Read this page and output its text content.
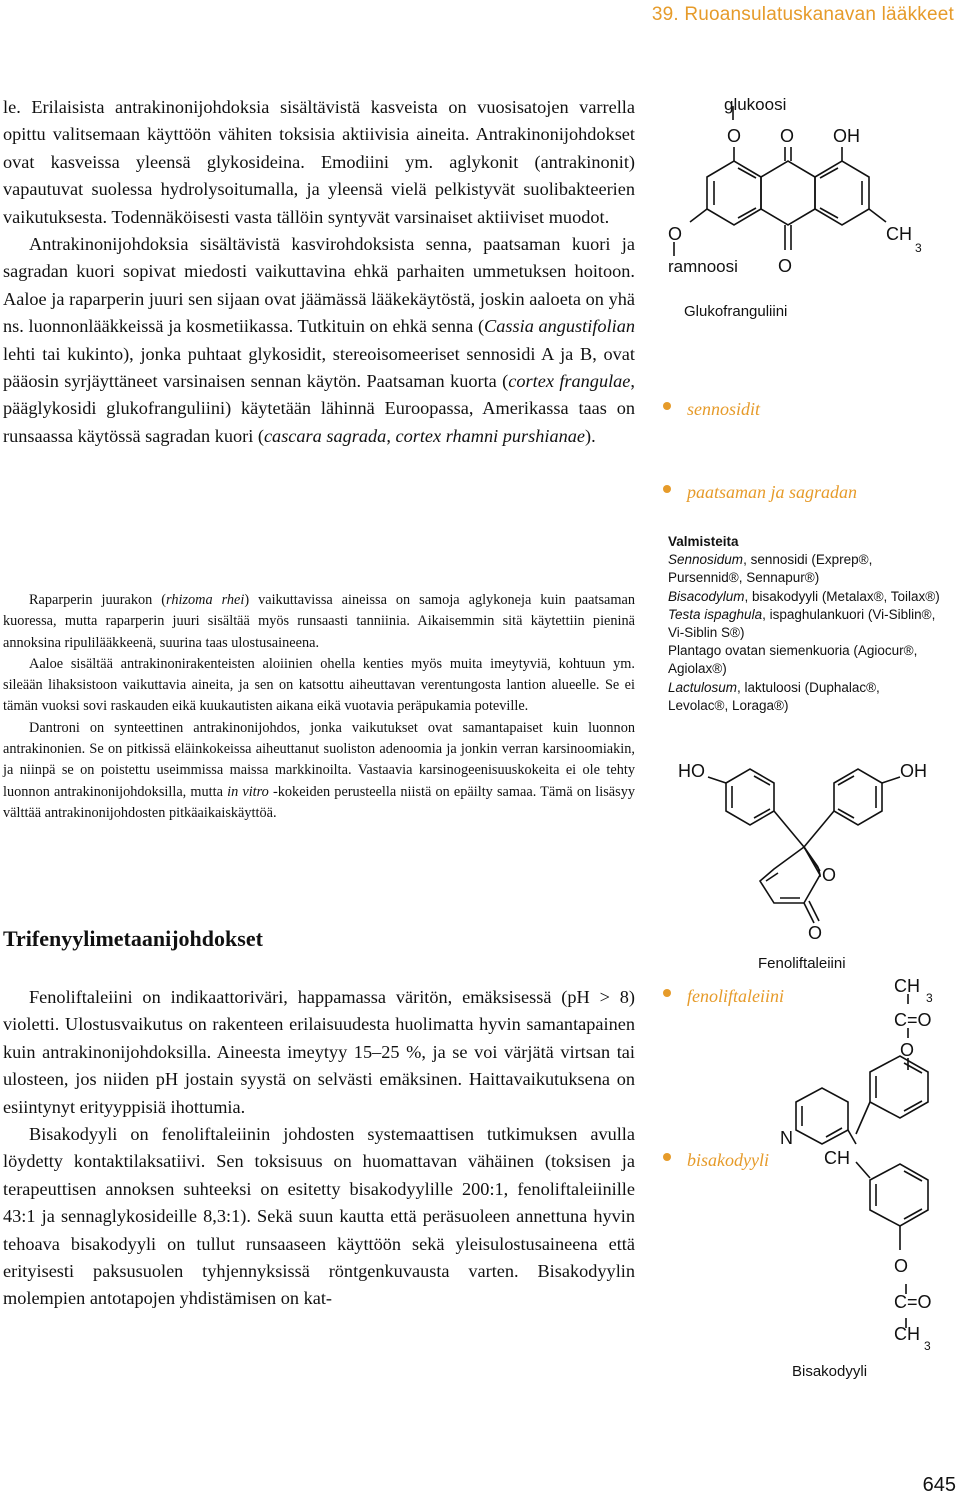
39. Ruoansulatuskanavan lääkkeet

le. Erilaisista antrakinonijohdoksia sisältävistä kasveista on vuosisatojen varrella opittu valitsemaan käyttöön vähiten toksisia aktiivisia aineita. Antrakinonijohdokset ovat kasveissa yleensä glykosideina. Emodiini ym. aglykonit (antrakinonit) vapautuvat suolessa hydrolysoitumalla, ja yleensä vielä pelkistyvät suolibakteerien vaikutuksesta. Todennäköisesti vasta tällöin syntyvät varsinaiset aktiiviset muodot.

Antrakinonijohdoksia sisältävistä kasvirohdoksista senna, paatsaman kuori ja sagradan kuori sopivat miedosti vaikuttavina ehkä parhaiten ummetuksen hoitoon. Aaloe ja raparperin juuri sen sijaan ovat jäämässä lääkekäytöstä, joskin aaloeta on yhä ns. luonnonlääkkeissä ja kosmetiikassa. Tutkituin on ehkä senna (Cassia angustifolian lehti tai kukinto), jonka puhtaat glykosidit, stereoisomeeriset sennosidi A ja B, ovat pääosin syrjäyttäneet varsinaisen sennan käytön. Paatsaman kuorta (cortex frangulae, pääglykosidi glukofranguliini) käytetään lähinnä Euroopassa, Amerikassa taas on runsaassa käytössä sagradan kuori (cascara sagrada, cortex rhamni purshianae).

Raparperin juurakon (rhizoma rhei) vaikuttavissa aineissa on samoja aglykoneja kuin paatsaman kuoressa, mutta raparperin juuri sisältää myös runsaasti tanniinia. Aikaisemmin sitä käytettiin pieninä annoksina ripulilääkkeenä, suurina taas ulostusaineena.

Aaloe sisältää antrakinonirakenteisten aloiinien ohella kenties myös muita imeytyviä, kohtuun ym. sileään lihaksistoon vaikuttavia aineita, ja sen on katsottu aiheuttavan verentungosta lantion alueelle. Se ei tämän vuoksi sovi raskauden eikä kuukautisten aikana eikä vuotavia peräpukamia poteville.

Dantroni on synteettinen antrakinonijohdos, jonka vaikutukset ovat samantapaiset kuin luonnon antrakinonien. Se on pitkissä eläinkokeissa aiheuttanut suoliston adenoomia ja jonkin verran karsinoomiakin, ja niinpä se on poistettu useimmissa maissa markkinoilta. Vastaavia karsinogeenisuuskokeita ei ole tehty luonnon antrakinonijohdoksilla, mutta in vitro -kokeiden perusteella niistä on epäilty samaa. Tämä on lisäsyy välttää antrakinonijohdosten pitkäaikaiskäyttöä.

Trifenyylimetaanijohdokset

Fenoliftaleiini on indikaattoriväri, happamassa väritön, emäksisessä (pH > 8) violetti. Ulostusvaikutus on rakenteen erilaisuudesta huolimatta hyvin samantapainen kuin antrakinonijohdoksilla. Aineesta imeytyy 15–25 %, ja se voi värjätä virtsan tai ulosteen, jos niiden pH jostain syystä on selvästi emäksinen. Haittavaikutuksena on esiintynyt erityyppisiä ihottumia.

Bisakodyyli on fenoliftaleiinin johdosten systemaattisen tutkimuksen avulla löydetty kontaktilaksatiivi. Sen toksisuus on huomattavan vähäinen (toksisen ja terapeuttisen annoksen suhteeksi on esitetty bisakodyylille 200:1, fenoliftaleiinille 43:1 ja sennaglykosideille 8,3:1). Sekä suun kautta että peräsuoleen annettuna hyvin tehoava bisakodyyli on tullut runsaaseen käyttöön sekä yleisulostusaineena että erityisesti paksusuolen tyhjennyksissä röntgenkuvausta varten. Bisakodyylin molempien antotapojen yhdistämisen on kat-

sennosidit
paatsaman ja sagradan
fenoliftaleiini
bisakodyyli
Valmisteita
Sennosidum, sennosidi (Exprep®, Pursennid®, Sennapur®)
Bisacodylum, bisakodyyli (Metalax®, Toilax®)
Testa ispaghula, ispaghulankuori (Vi-Siblin®, Vi-Siblin S®)
Plantago ovatan siemenkuoria (Agiocur®, Agiolax®)
Lactulosum, laktuloosi (Duphalac®, Levolac®, Loraga®)
glukoosi
O O OH
O	CH
3
ramnoosi O
Glukofranguliini
HO	OH
O
O
Fenoliftaleiini
CH
3
C=O
O
N
CH
O
C=O
CH
3
Bisakodyyli
645
